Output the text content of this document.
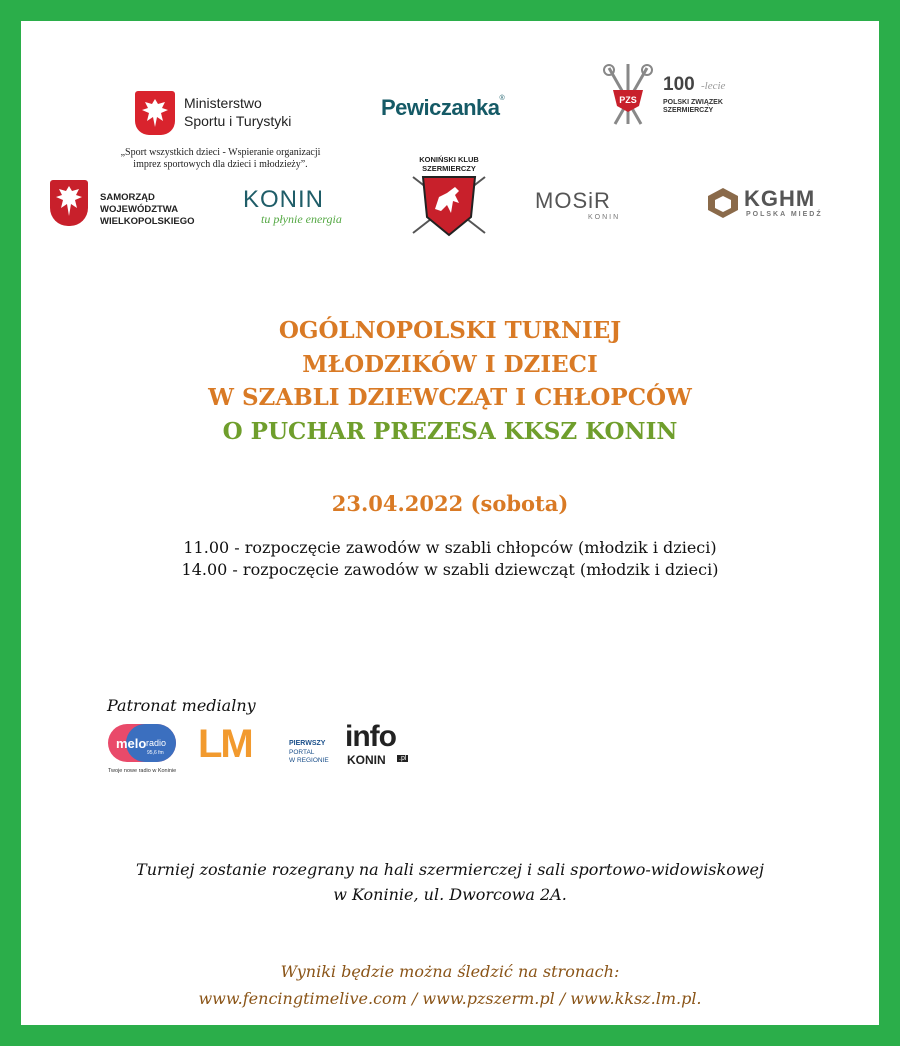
Ministerstwo
Sportu i Turystyki
„Sport wszystkich dzieci - Wspieranie organizacji
imprez sportowych dla dzieci i młodzieży”.
Pewiczanka®	PZS
100 -lecie
POLSKI ZWIĄZEK
SZERMIERCZY
SAMORZĄD WOJEWÓDZTWA
WIELKOPOLSKIEGO
KONIN
tu płynie energia
KONIŃSKI KLUB
SZERMIERCZY
MOSiR
KONIN
KGHM
POLSKA MIEDŹ
OGÓLNOPOLSKI TURNIEJ
MŁODZIKÓW I DZIECI
W SZABLI DZIEWCZĄT I CHŁOPCÓW
O PUCHAR PREZESA KKSZ KONIN
23.04.2022 (sobota)
11.00 - rozpoczęcie zawodów w szabli chłopców (młodzik i dzieci)
14.00 - rozpoczęcie zawodów w szabli dziewcząt (młodzik i dzieci)
Patronat medialny
melo radio
95,6 fm
Twoje nowe radio w Koninie
LM	PIERWSZY
PORTAL
W REGIONIE
info
KONIN .pl
Turniej zostanie rozegrany na hali szermierczej i sali sportowo-widowiskowej
w Koninie, ul. Dworcowa 2A.
Wyniki będzie można śledzić na stronach:
www.fencingtimelive.com / www.pzszerm.pl / www.kksz.lm.pl.
